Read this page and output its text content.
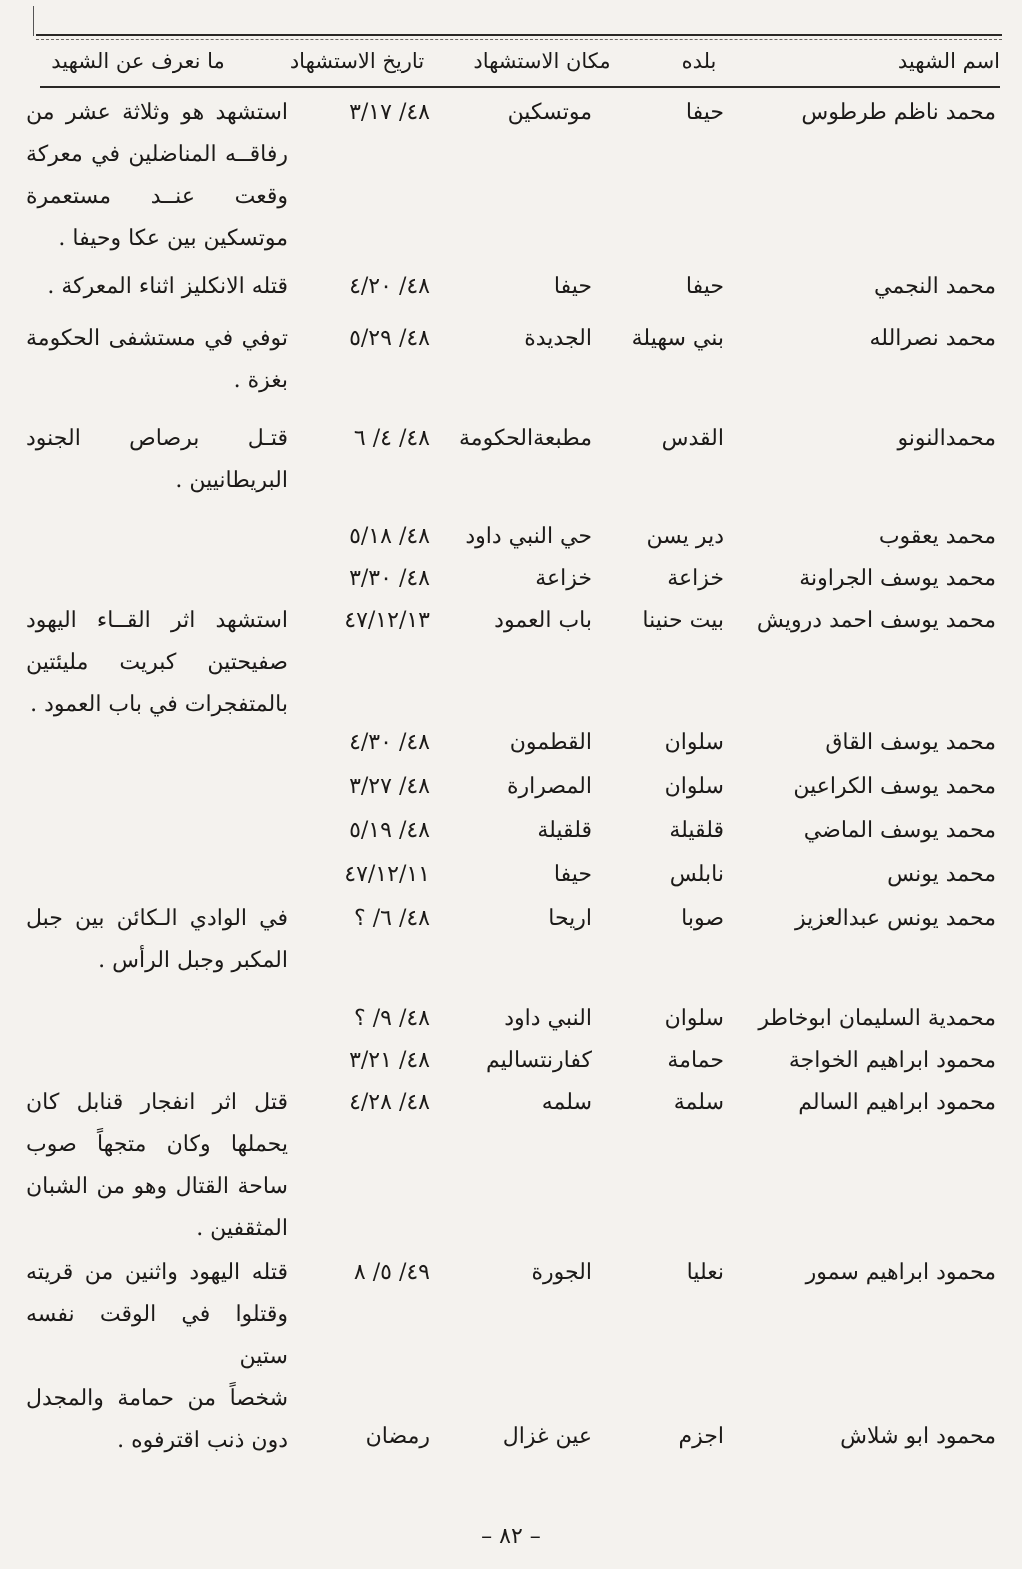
اسم الشهيد
بلده
مكان الاستشهاد
تاريخ الاستشهاد
ما نعرف عن الشهيد
محمد ناظم طرطوس
حيفا
موتسكين
٤٨/ ٣/١٧
استشهد هو وثلاثة عشر من
رفاقــه المناضلين في معركة
وقعت عنــد مستعمرة
موتسكين بين عكا وحيفا .
محمد النجمي
حيفا
حيفا
٤٨/ ٤/٢٠
قتله الانكليز اثناء المعركة .
محمد نصرالله
بني سهيلة
الجديدة
٤٨/ ٥/٢٩
توفي في مستشفى الحكومة
بغزة .
محمدالنونو
القدس
مطبعةالحكومة
٤٨/ ٤/ ٦
قتـل برصاص الجنود
البريطانيين .
محمد يعقوب
دير يسن
حي النبي داود
٤٨/ ٥/١٨
محمد يوسف الجراونة
خزاعة
خزاعة
٤٨/ ٣/٣٠
محمد يوسف احمد درويش
بيت حنينا
باب العمود
٤٧/١٢/١٣
استشهد اثر القــاء اليهود
صفيحتين كبريت مليئتين
بالمتفجرات في باب العمود .
محمد يوسف القاق
سلوان
القطمون
٤٨/ ٤/٣٠
محمد يوسف الكراعين
سلوان
المصرارة
٤٨/ ٣/٢٧
محمد يوسف الماضي
قلقيلة
قلقيلة
٤٨/ ٥/١٩
محمد يونس
نابلس
حيفا
٤٧/١٢/١١
محمد يونس عبدالعزيز
صوبا
اريحا
٤٨/ ٦/ ؟
في الوادي الـكائن بين جبل
المكبر وجبل الرأس .
محمدية السليمان ابوخاطر
سلوان
النبي داود
٤٨/ ٩/ ؟
محمود ابراهيم الخواجة
حمامة
كفارنتساليم
٤٨/ ٣/٢١
محمود ابراهيم السالم
سلمة
سلمه
٤٨/ ٤/٢٨
قتل اثر انفجار قنابل كان
يحملها وكان متجهاً صوب
ساحة القتال وهو من الشبان
المثقفين .
محمود ابراهيم سمور
نعليا
الجورة
٤٩/ ٥/ ٨
قتله اليهود واثنين من قريته
وقتلوا في الوقت نفسه ستين
شخصاً من حمامة والمجدل
دون ذنب اقترفوه .	محمود ابو شلاش
اجزم
عين غزال
رمضان
– ٨٢ –
